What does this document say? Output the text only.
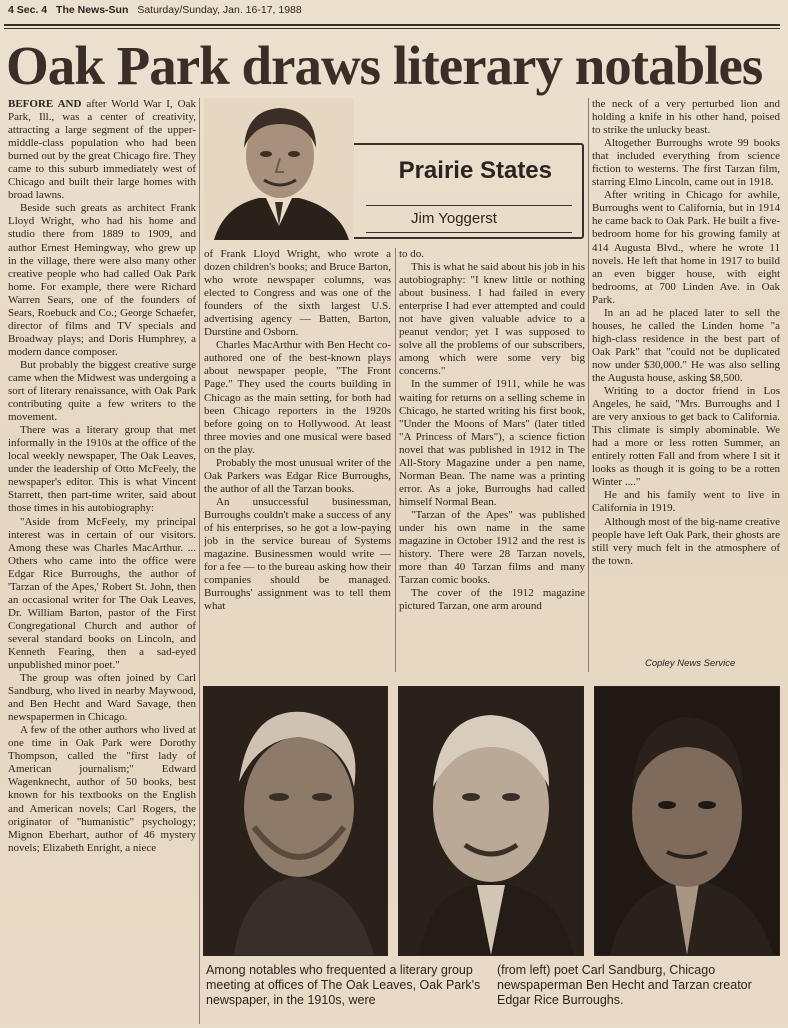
4 Sec. 4 The News-Sun Saturday/Sunday, Jan. 16-17, 1988
Oak Park draws literary notables

BEFORE AND after World War I, Oak Park, Ill., was a center of creativity, attracting a large segment of the upper-middle-class population who had been burned out by the great Chicago fire. They came to this suburb immediately west of Chicago and built their large homes with broad lawns.

Beside such greats as architect Frank Lloyd Wright, who had his home and studio there from 1889 to 1909, and author Ernest Hemingway, who grew up in the village, there were also many other creative people who had called Oak Park home. For example, there were Richard Warren Sears, one of the founders of Sears, Roebuck and Co.; George Schaefer, director of films and TV specials and Broadway plays; and Doris Humphrey, a modern dance composer.

But probably the biggest creative surge came when the Midwest was undergoing a sort of literary renaissance, with Oak Park contributing quite a few writers to the movement.

There was a literary group that met informally in the 1910s at the office of the local weekly newspaper, The Oak Leaves, under the leadership of Otto McFeely, the newspaper's editor. This is what Vincent Starrett, then part-time writer, said about those times in his autobiography:

"Aside from McFeely, my principal interest was in certain of our visitors. Among these was Charles MacArthur. ... Others who came into the office were Edgar Rice Burroughs, the author of 'Tarzan of the Apes,' Robert St. John, then an occasional writer for The Oak Leaves, Dr. William Barton, pastor of the First Congregational Church and author of several standard books on Lincoln, and Kenneth Fearing, then a sad-eyed unpublished minor poet."

The group was often joined by Carl Sandburg, who lived in nearby Maywood, and Ben Hecht and Ward Savage, then newspapermen in Chicago.

A few of the other authors who lived at one time in Oak Park were Dorothy Thompson, called the "first lady of American journalism;" Edward Wagenknecht, author of 50 books, best known for his textbooks on the English and American novels; Carl Rogers, the originator of "humanistic" psychology; Mignon Eberhart, author of 46 mystery novels; Elizabeth Enright, a niece

Prairie States
Jim Yoggerst

of Frank Lloyd Wright, who wrote a dozen children's books; and Bruce Barton, who wrote newspaper columns, was elected to Congress and was one of the founders of the sixth largest U.S. advertising agency — Batten, Barton, Durstine and Osborn.

Charles MacArthur with Ben Hecht co-authored one of the best-known plays about newspaper people, "The Front Page." They used the courts building in Chicago as the main setting, for both had been Chicago reporters in the 1920s before going on to Hollywood. At least three movies and one musical were based on the play.

Probably the most unusual writer of the Oak Parkers was Edgar Rice Burroughs, the author of all the Tarzan books.

An unsuccessful businessman, Burroughs couldn't make a success of any of his enterprises, so he got a low-paying job in the service bureau of Systems magazine. Businessmen would write — for a fee — to the bureau asking how their companies should be managed. Burroughs' assignment was to tell them what

to do.

This is what he said about his job in his autobiography: "I knew little or nothing about business. I had failed in every enterprise I had ever attempted and could not have given valuable advice to a peanut vendor; yet I was supposed to solve all the problems of our subscribers, among which were some very big concerns."

In the summer of 1911, while he was waiting for returns on a selling scheme in Chicago, he started writing his first book, "Under the Moons of Mars" (later titled "A Princess of Mars"), a science fiction novel that was published in 1912 in The All-Story Magazine under a pen name, Norman Bean. The name was a printing error. As a joke, Burroughs had called himself Normal Bean.

"Tarzan of the Apes" was published under his own name in the same magazine in October 1912 and the rest is history. There were 28 Tarzan novels, more than 40 Tarzan films and many Tarzan comic books.

The cover of the 1912 magazine pictured Tarzan, one arm around

the neck of a very perturbed lion and holding a knife in his other hand, poised to strike the unlucky beast.

Altogether Burroughs wrote 99 books that included everything from science fiction to westerns. The first Tarzan film, starring Elmo Lincoln, came out in 1918.

After writing in Chicago for awhile, Burroughs went to California, but in 1914 he came back to Oak Park. He built a five-bedroom home for his growing family at 414 Augusta Blvd., where he wrote 11 novels. He left that home in 1917 to build an even bigger house, with eight bedrooms, at 700 Linden Ave. in Oak Park.

In an ad he placed later to sell the houses, he called the Linden home "a high-class residence in the best part of Oak Park" that "could not be duplicated now under $30,000." He was also selling the Augusta house, asking $8,500.

Writing to a doctor friend in Los Angeles, he said, "Mrs. Burroughs and I are very anxious to get back to California. This climate is simply abominable. We had a more or less rotten Summer, an entirely rotten Fall and from where I sit it looks as though it is going to be a rotten Winter ...."

He and his family went to live in California in 1919.

Although most of the big-name creative people have left Oak Park, their ghosts are still very much felt in the atmosphere of the town.

Copley News Service
Among notables who frequented a literary group meeting at offices of The Oak Leaves, Oak Park's newspaper, in the 1910s, were
(from left) poet Carl Sandburg, Chicago newspaperman Ben Hecht and Tarzan creator Edgar Rice Burroughs.
